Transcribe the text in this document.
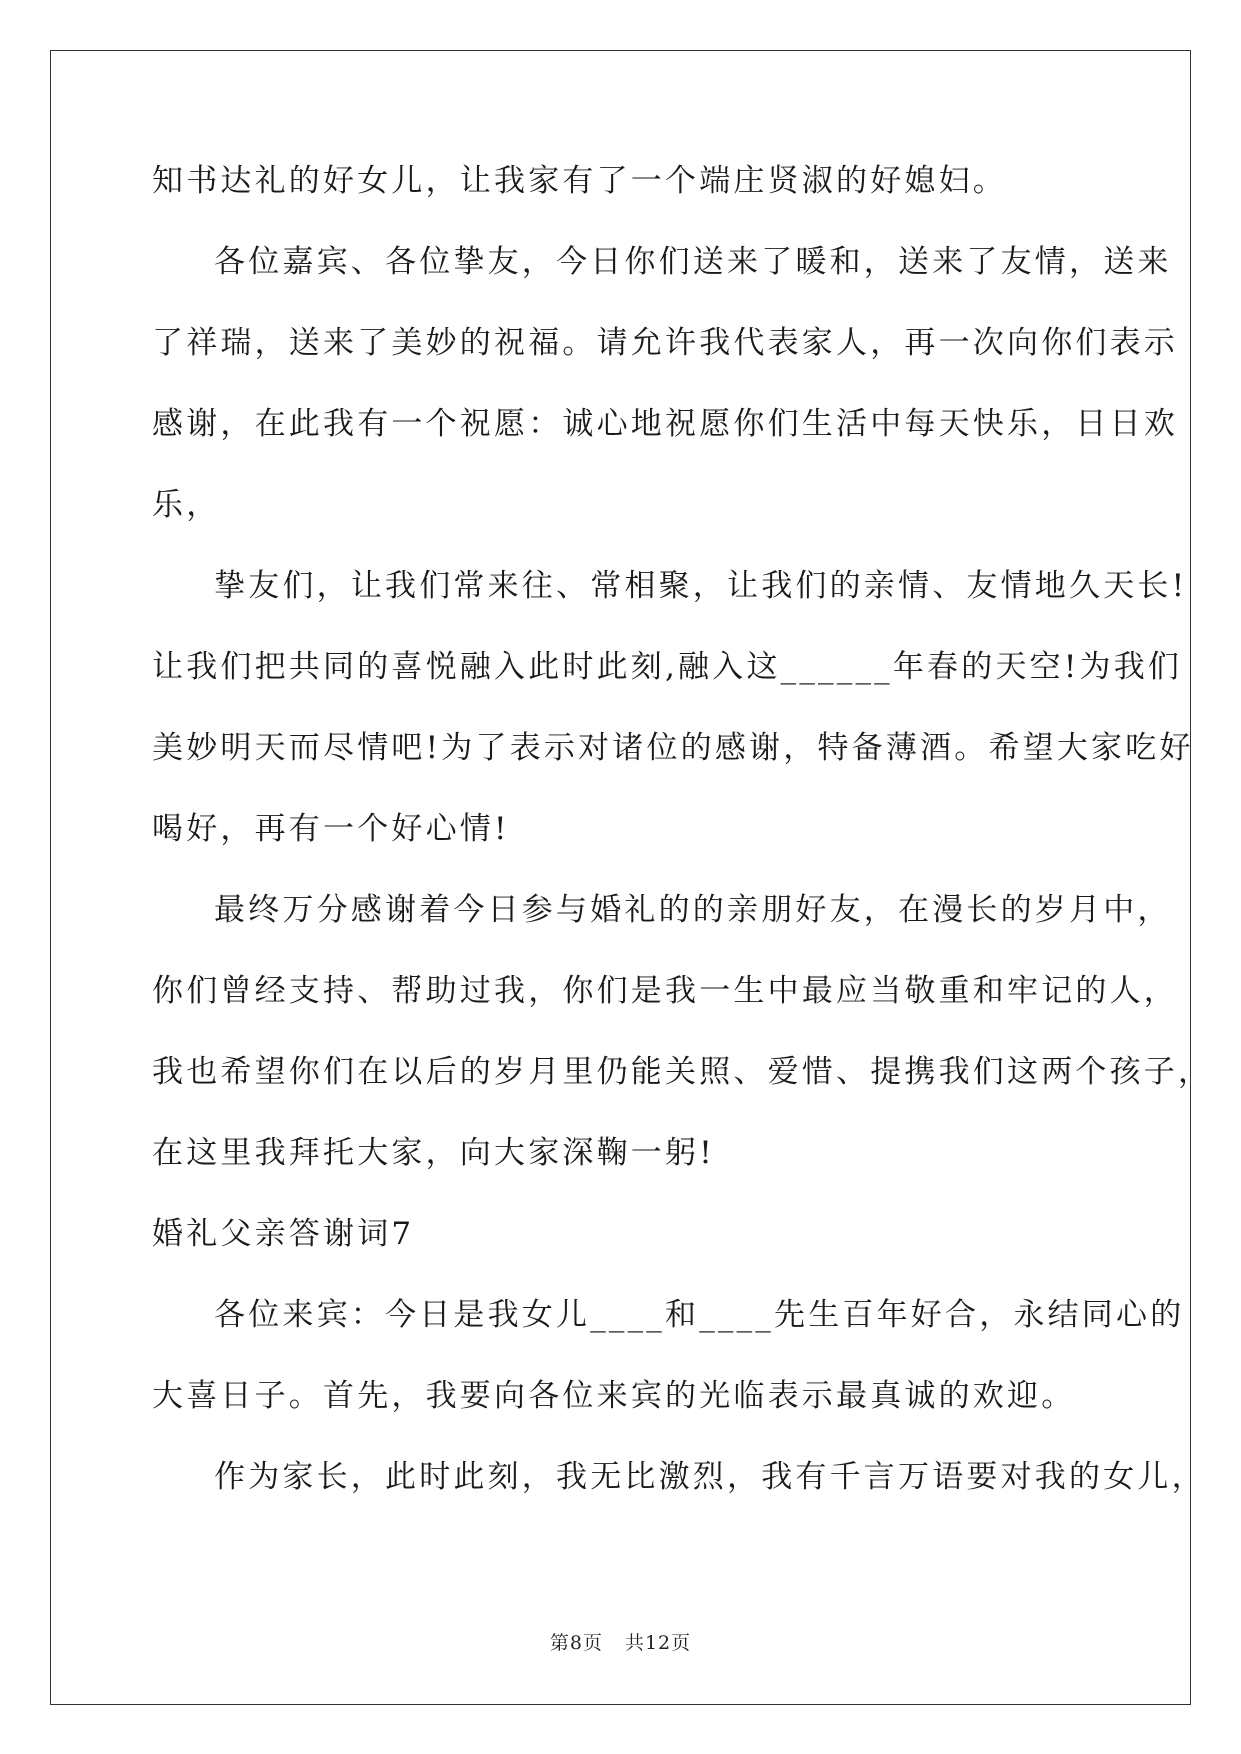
知书达礼的好女儿，让我家有了一个端庄贤淑的好媳妇。
各位嘉宾、各位挚友，今日你们送来了暖和，送来了友情，送来
了祥瑞，送来了美妙的祝福。请允许我代表家人，再一次向你们表示
感谢，在此我有一个祝愿：诚心地祝愿你们生活中每天快乐，日日欢
乐，
挚友们，让我们常来往、常相聚，让我们的亲情、友情地久天长!
让我们把共同的喜悦融入此时此刻,融入这______年春的天空!为我们
美妙明天而尽情吧!为了表示对诸位的感谢，特备薄酒。希望大家吃好
喝好，再有一个好心情!
最终万分感谢着今日参与婚礼的的亲朋好友，在漫长的岁月中，
你们曾经支持、帮助过我，你们是我一生中最应当敬重和牢记的人，
我也希望你们在以后的岁月里仍能关照、爱惜、提携我们这两个孩子，
在这里我拜托大家，向大家深鞠一躬!
婚礼父亲答谢词7
各位来宾：今日是我女儿____和____先生百年好合，永结同心的
大喜日子。首先，我要向各位来宾的光临表示最真诚的欢迎。
作为家长，此时此刻，我无比激烈，我有千言万语要对我的女儿，
第8页 共12页
